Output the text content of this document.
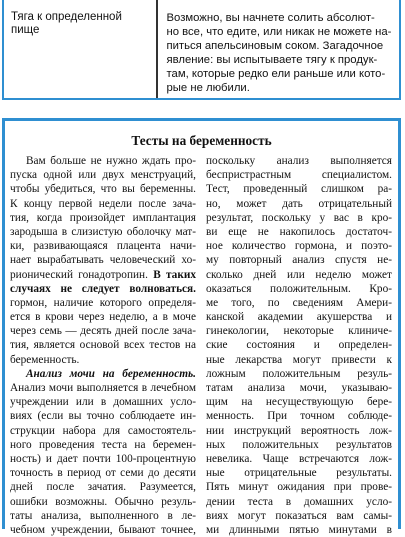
Тяга к определенной
пище
Возможно, вы начнете солить абсолют-
но все, что едите, или никак не можете на-
питься апельсиновым соком. Загадочное
явление: вы испытываете тягу к продук-
там, которые редко ели раньше или кото-
рые не любили.
Тесты на беременность
Вам больше не нужно ждать про-
пуска одной или двух менструаций,
чтобы убедиться, что вы беременны.
К концу первой недели после зача-
тия, когда произойдет имплантация
зародыша в слизистую оболочку мат-
ки, развивающаяся плацента начи-
нает вырабатывать человеческий хо-
рионический гонадотропин. В таких
случаях не следует волноваться.
гормон, наличие которого определя-
ется в крови через неделю, а в моче
через семь — десять дней после зача-
тия, является основой всех тестов на
беременность.
Анализ мочи на беременность.
Анализ мочи выполняется в лечебном
учреждении или в домашних усло-
виях (если вы точно соблюдаете ин-
струкции набора для самостоятель-
ного проведения теста на беремен-
ность) и дает почти 100-процентную
точность в период от семи до десяти
дней после зачатия. Разумеется,
ошибки возможны. Обычно резуль-
таты анализа, выполненного в ле-
чебном учреждении, бывают точнее,
поскольку анализ выполняется
беспристрастным специалистом.
Тест, проведенный слишком ра-
но, может дать отрицательный
результат, поскольку у вас в кро-
ви еще не накопилось достаточ-
ное количество гормона, и поэто-
му повторный анализ спустя не-
сколько дней или неделю может
оказаться положительным. Кро-
ме того, по сведениям Амери-
канской академии акушерства и
гинекологии, некоторые клиниче-
ские состояния и определен-
ные лекарства могут привести к
ложным положительным резуль-
татам анализа мочи, указываю-
щим на несуществующую бере-
менность. При точном соблюде-
нии инструкций вероятность лож-
ных положительных результатов
невелика. Чаще встречаются лож-
ные отрицательные результаты.
Пять минут ожидания при прове-
дении теста в домашних усло-
виях могут показаться вам самы-
ми длинными пятью минутами в
